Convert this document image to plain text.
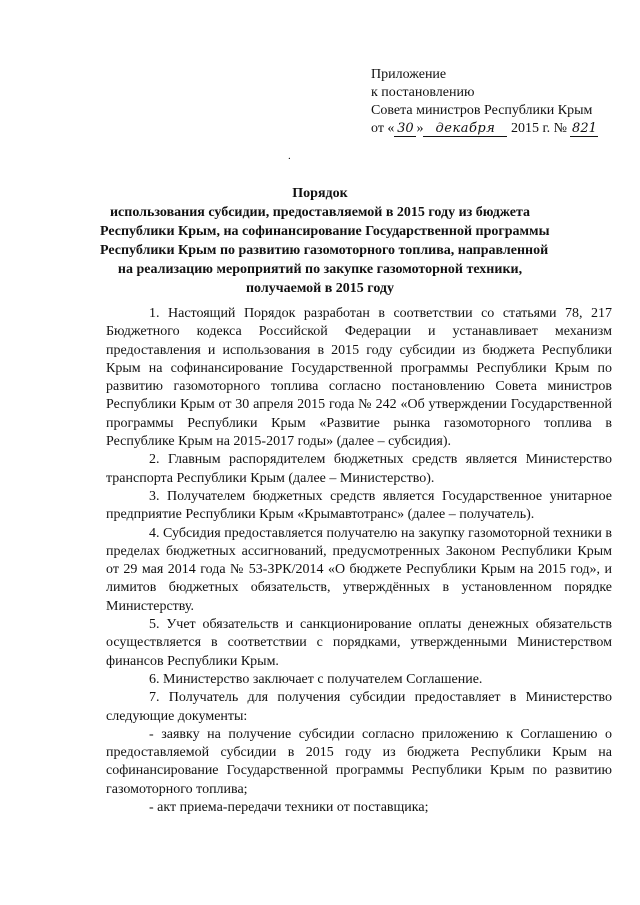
Приложение
к постановлению
Совета министров Республики Крым
от « 30 » декабря 2015 г. № 821
.
Порядок
использования субсидии, предоставляемой в 2015 году из бюджета
Республики Крым, на софинансирование Государственной программы
Республики Крым по развитию газомоторного топлива, направленной
на реализацию мероприятий по закупке газомоторной техники,
получаемой в 2015 году

1. Настоящий Порядок разработан в соответствии со статьями 78, 217 Бюджетного кодекса Российской Федерации и устанавливает механизм предоставления и использования в 2015 году субсидии из бюджета Республики Крым на софинансирование Государственной программы Республики Крым по развитию газомоторного топлива согласно постановлению Совета министров Республики Крым от 30 апреля 2015 года № 242 «Об утверждении Государственной программы Республики Крым «Развитие рынка газомоторного топлива в Республике Крым на 2015-2017 годы» (далее – субсидия).

2. Главным распорядителем бюджетных средств является Министерство транспорта Республики Крым (далее – Министерство).

3. Получателем бюджетных средств является Государственное унитарное предприятие Республики Крым «Крымавтотранс» (далее – получатель).

4. Субсидия предоставляется получателю на закупку газомоторной техники в пределах бюджетных ассигнований, предусмотренных Законом Республики Крым от 29 мая 2014 года № 53-ЗРК/2014 «О бюджете Республики Крым на 2015 год», и лимитов бюджетных обязательств, утверждённых в установленном порядке Министерству.

5. Учет обязательств и санкционирование оплаты денежных обязательств осуществляется в соответствии с порядками, утвержденными Министерством финансов Республики Крым.

6. Министерство заключает с получателем Соглашение.

7. Получатель для получения субсидии предоставляет в Министерство следующие документы:

- заявку на получение субсидии согласно приложению к Соглашению о предоставляемой субсидии в 2015 году из бюджета Республики Крым на софинансирование Государственной программы Республики Крым по развитию газомоторного топлива;

- акт приема-передачи техники от поставщика;
